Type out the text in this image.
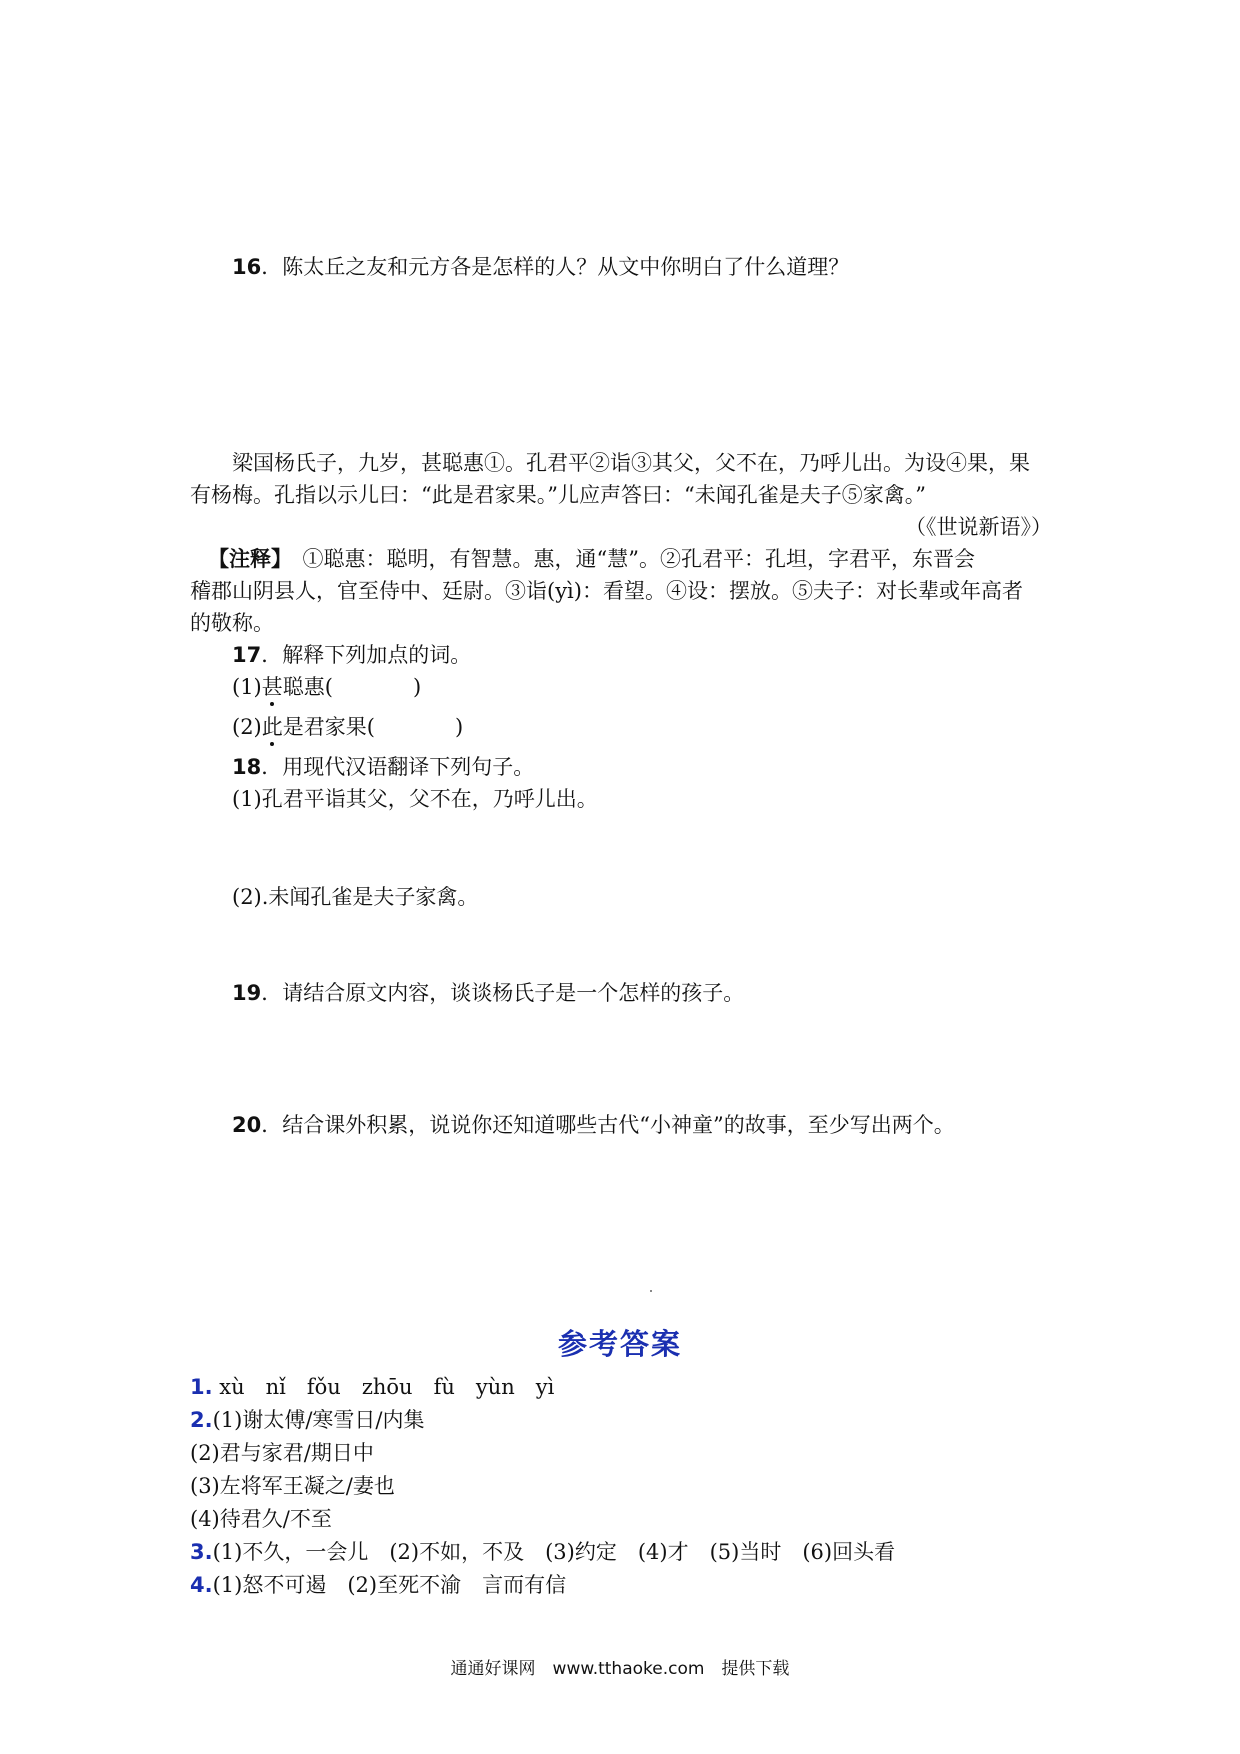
16．陈太丘之友和元方各是怎样的人？从文中你明白了什么道理？
梁国杨氏子，九岁，甚聪惠①。孔君平②诣③其父，父不在，乃呼儿出。为设④果，果
有杨梅。孔指以示儿曰：“此是君家果。”儿应声答曰：“未闻孔雀是夫子⑤家禽。”
（《世说新语》）
【注释】　 ①聪惠：聪明，有智慧。惠，通“慧”。②孔君平：孔坦，字君平，东晋会
稽郡山阴县人，官至侍中、廷尉。③诣(yì)：看望。④设：摆放。⑤夫子：对长辈或年高者
的敬称。
17．解释下列加点的词。
(1)甚聪惠(	)
(2)此是君家果(	)
18．用现代汉语翻译下列句子。
(1)孔君平诣其父，父不在，乃呼儿出。
(2).未闻孔雀是夫子家禽。
19．请结合原文内容，谈谈杨氏子是一个怎样的孩子。
20．结合课外积累，说说你还知道哪些古代“小神童”的故事，至少写出两个。
参考答案
1. xù　nǐ　fǒu　zhōu　fù　yùn　yì
2.(1)谢太傅/寒雪日/内集
(2)君与家君/期日中
(3)左将军王凝之/妻也
(4)待君久/不至
3.(1)不久，一会儿　(2)不如，不及　(3)约定　(4)才　(5)当时　(6)回头看
4.(1)怒不可遏　(2)至死不渝　言而有信
通通好课网　www.tthaoke.com　提供下载
